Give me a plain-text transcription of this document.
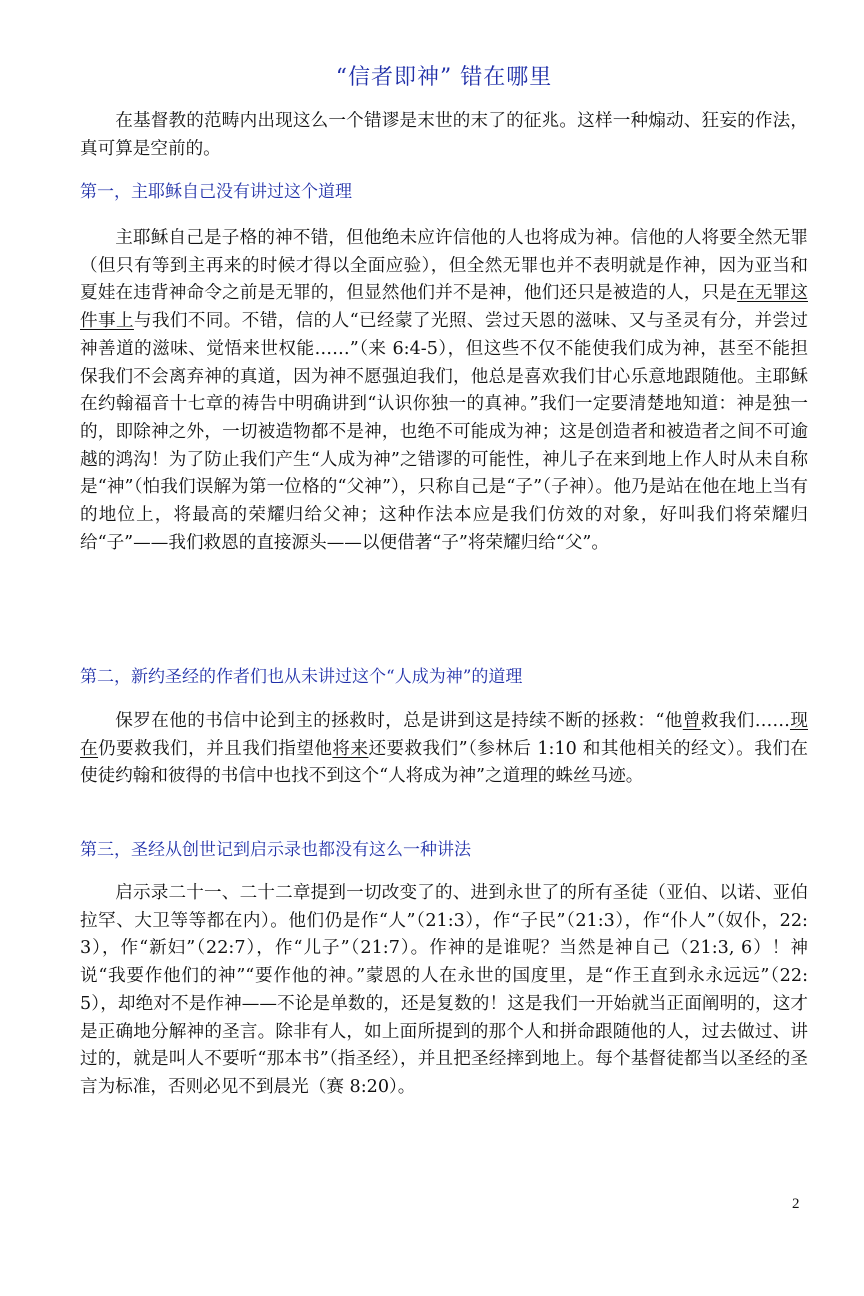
“信者即神” 错在哪里

在基督教的范畴内出现这么一个错谬是末世的末了的征兆。这样一种煽动、狂妄的作法，真可算是空前的。

第一，主耶稣自己没有讲过这个道理

主耶稣自己是子格的神不错，但他绝未应许信他的人也将成为神。信他的人将要全然无罪（但只有等到主再来的时候才得以全面应验），但全然无罪也并不表明就是作神，因为亚当和夏娃在违背神命令之前是无罪的，但显然他们并不是神，他们还只是被造的人，只是在无罪这件事上与我们不同。不错，信的人“已经蒙了光照、尝过天恩的滋味、又与圣灵有分，并尝过神善道的滋味、觉悟来世权能……”（来 6:4-5），但这些不仅不能使我们成为神，甚至不能担保我们不会离弃神的真道，因为神不愿强迫我们，他总是喜欢我们甘心乐意地跟随他。主耶稣在约翰福音十七章的祷告中明确讲到“认识你独一的真神。”我们一定要清楚地知道：神是独一的，即除神之外，一切被造物都不是神，也绝不可能成为神；这是创造者和被造者之间不可逾越的鸿沟！为了防止我们产生“人成为神”之错谬的可能性，神儿子在来到地上作人时从未自称是“神”（怕我们误解为第一位格的“父神”），只称自己是“子”（子神）。他乃是站在他在地上当有的地位上，将最高的荣耀归给父神；这种作法本应是我们仿效的对象，好叫我们将荣耀归给“子”——我们救恩的直接源头——以便借著“子”将荣耀归给“父”。

第二，新约圣经的作者们也从未讲过这个“人成为神”的道理

保罗在他的书信中论到主的拯救时，总是讲到这是持续不断的拯救：“他曾救我们……现在仍要救我们，并且我们指望他将来还要救我们”（参林后 1:10 和其他相关的经文）。我们在使徒约翰和彼得的书信中也找不到这个“人将成为神”之道理的蛛丝马迹。

第三，圣经从创世记到启示录也都没有这么一种讲法

启示录二十一、二十二章提到一切改变了的、进到永世了的所有圣徒（亚伯、以诺、亚伯拉罕、大卫等等都在内）。他们仍是作“人”（21:3），作“子民”（21:3），作“仆人”（奴仆，22:3），作“新妇”（22:7），作“儿子”（21:7）。作神的是谁呢？当然是神自己（21:3, 6）！神说“我要作他们的神”“要作他的神。”蒙恩的人在永世的国度里，是“作王直到永永远远”（22:5），却绝对不是作神——不论是单数的，还是复数的！这是我们一开始就当正面阐明的，这才是正确地分解神的圣言。除非有人，如上面所提到的那个人和拼命跟随他的人，过去做过、讲过的，就是叫人不要听“那本书”（指圣经），并且把圣经摔到地上。每个基督徒都当以圣经的圣言为标准，否则必见不到晨光（赛 8:20）。

2
